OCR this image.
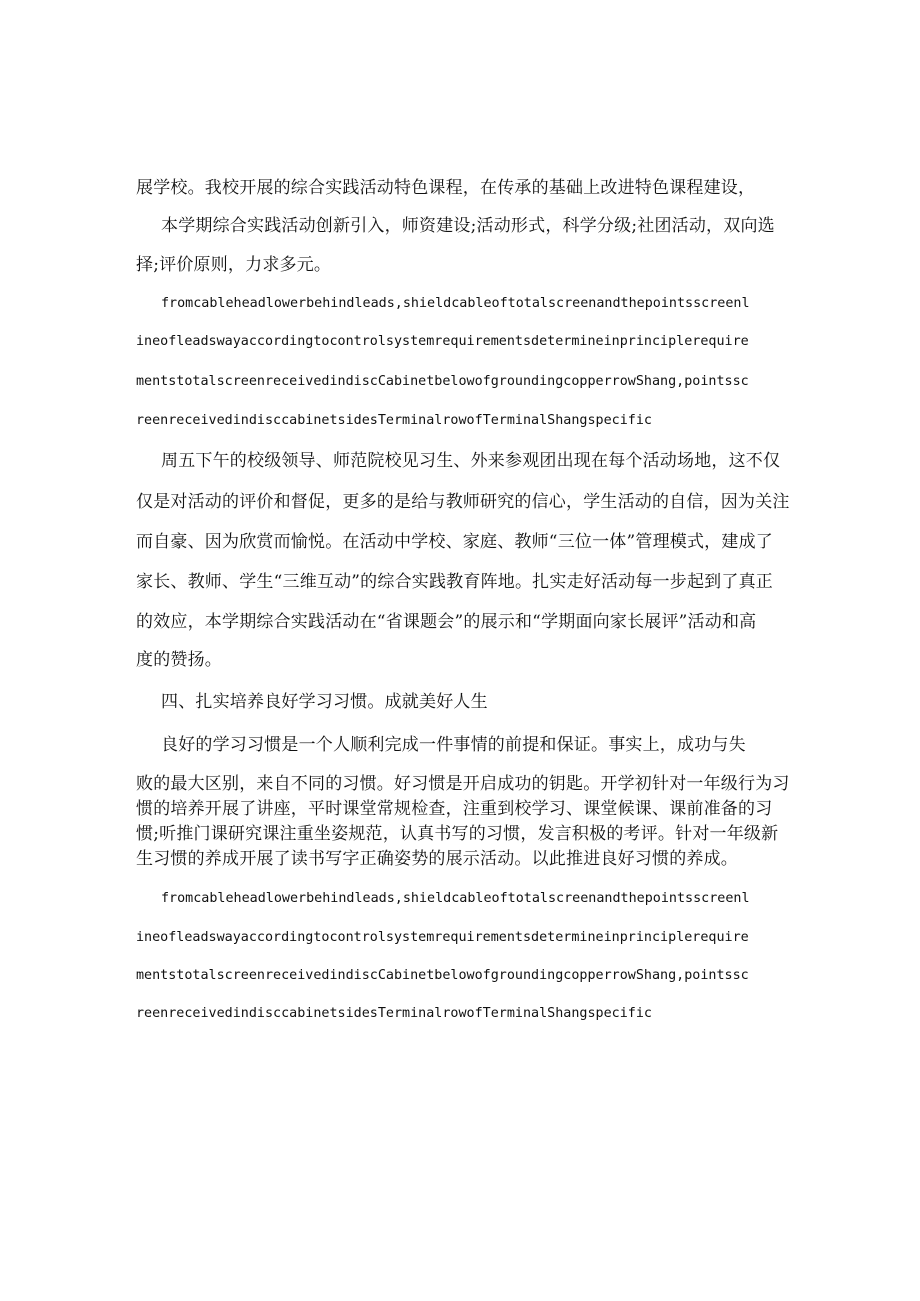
展学校。我校开展的综合实践活动特色课程，在传承的基础上改进特色课程建设，
本学期综合实践活动创新引入，师资建设;活动形式，科学分级;社团活动，双向选
择;评价原则，力求多元。
fromcableheadlowerbehindleads,shieldcableoftotalscreenandthepointsscreenl
ineofleadswayaccordingtocontrolsystemrequirementsdetermineinprinciplerequire
mentstotalscreenreceivedindiscCabinetbelowofgroundingcopperrowShang,pointssc
reenreceivedindisccabinetsidesTerminalrowofTerminalShangspecific
周五下午的校级领导、师范院校见习生、外来参观团出现在每个活动场地，这不仅
仅是对活动的评价和督促，更多的是给与教师研究的信心，学生活动的自信，因为关注
而自豪、因为欣赏而愉悦。在活动中学校、家庭、教师“三位一体”管理模式，建成了
家长、教师、学生“三维互动”的综合实践教育阵地。扎实走好活动每一步起到了真正
的效应，本学期综合实践活动在“省课题会”的展示和“学期面向家长展评”活动和高
度的赞扬。
四、扎实培养良好学习习惯。成就美好人生
良好的学习习惯是一个人顺利完成一件事情的前提和保证。事实上，成功与失
败的最大区别，来自不同的习惯。好习惯是开启成功的钥匙。开学初针对一年级行为习
惯的培养开展了讲座，平时课堂常规检查，注重到校学习、课堂候课、课前准备的习
惯;听推门课研究课注重坐姿规范，认真书写的习惯，发言积极的考评。针对一年级新
生习惯的养成开展了读书写字正确姿势的展示活动。以此推进良好习惯的养成。
fromcableheadlowerbehindleads,shieldcableoftotalscreenandthepointsscreenl
ineofleadswayaccordingtocontrolsystemrequirementsdetermineinprinciplerequire
mentstotalscreenreceivedindiscCabinetbelowofgroundingcopperrowShang,pointssc
reenreceivedindisccabinetsidesTerminalrowofTerminalShangspecific
